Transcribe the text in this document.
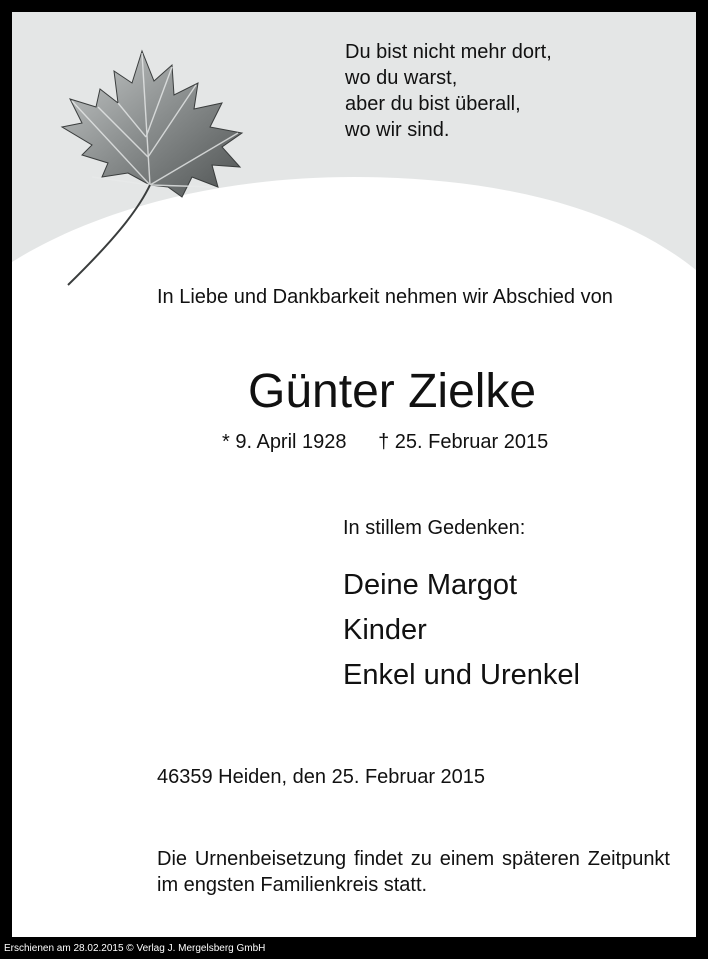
Du bist nicht mehr dort,
wo du warst,
aber du bist überall,
wo wir sind.
In Liebe und Dankbarkeit nehmen wir Abschied von
Günter Zielke
* 9. April 1928 † 25. Februar 2015
In stillem Gedenken:
Deine Margot
Kinder
Enkel und Urenkel
46359 Heiden, den 25. Februar 2015
Die Urnenbeisetzung findet zu einem späteren Zeitpunkt im engsten Familienkreis statt.
Erschienen am 28.02.2015 © Verlag J. Mergelsberg GmbH
